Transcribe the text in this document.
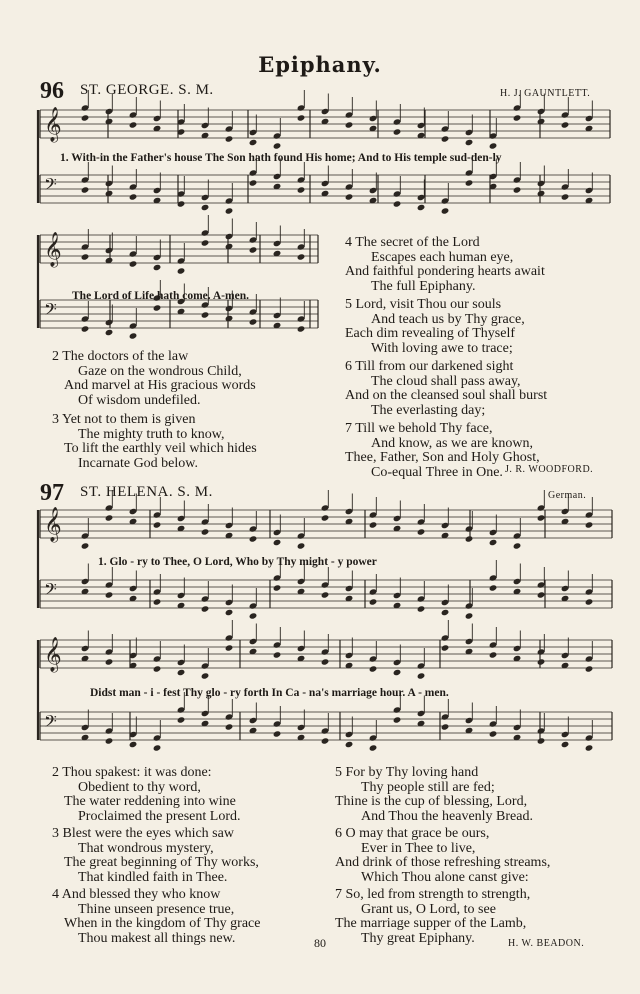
Epiphany.
96 ST. GEORGE. S. M.	H. J. GAUNTLETT.
𝄞
𝄢
𝄞
𝄢
𝄞
𝄢
𝄞
𝄢
1. With-in the Father's house The Son hath found His home; And to His temple sud-den-ly
The Lord of Life hath come. A-men.
2 The doctors of the law
Gaze on the wondrous Child,
And marvel at His gracious words
Of wisdom undefiled.
3 Yet not to them is given
The mighty truth to know,
To lift the earthly veil which hides
Incarnate God below.
4 The secret of the Lord
Escapes each human eye,
And faithful pondering hearts await
The full Epiphany.
5 Lord, visit Thou our souls
And teach us by Thy grace,
Each dim revealing of Thyself
With loving awe to trace;
6 Till from our darkened sight
The cloud shall pass away,
And on the cleansed soul shall burst
The everlasting day;
7 Till we behold Thy face,
And know, as we are known,
Thee, Father, Son and Holy Ghost,
Co-equal Three in One. J. R. WOODFORD.
97 ST. HELENA. S. M.	German.
1. Glo - ry to Thee, O Lord, Who by Thy might - y power
Didst man - i - fest Thy glo - ry forth In Ca - na's marriage hour. A - men.
2 Thou spakest: it was done:
Obedient to thy word,
The water reddening into wine
Proclaimed the present Lord.
3 Blest were the eyes which saw
That wondrous mystery,
The great beginning of Thy works,
That kindled faith in Thee.
4 And blessed they who know
Thine unseen presence true,
When in the kingdom of Thy grace
Thou makest all things new.
5 For by Thy loving hand
Thy people still are fed;
Thine is the cup of blessing, Lord,
And Thou the heavenly Bread.
6 O may that grace be ours,
Ever in Thee to live,
And drink of those refreshing streams,
Which Thou alone canst give:
7 So, led from strength to strength,
Grant us, O Lord, to see
The marriage supper of the Lamb,
Thy great Epiphany.
80	H. W. BEADON.
